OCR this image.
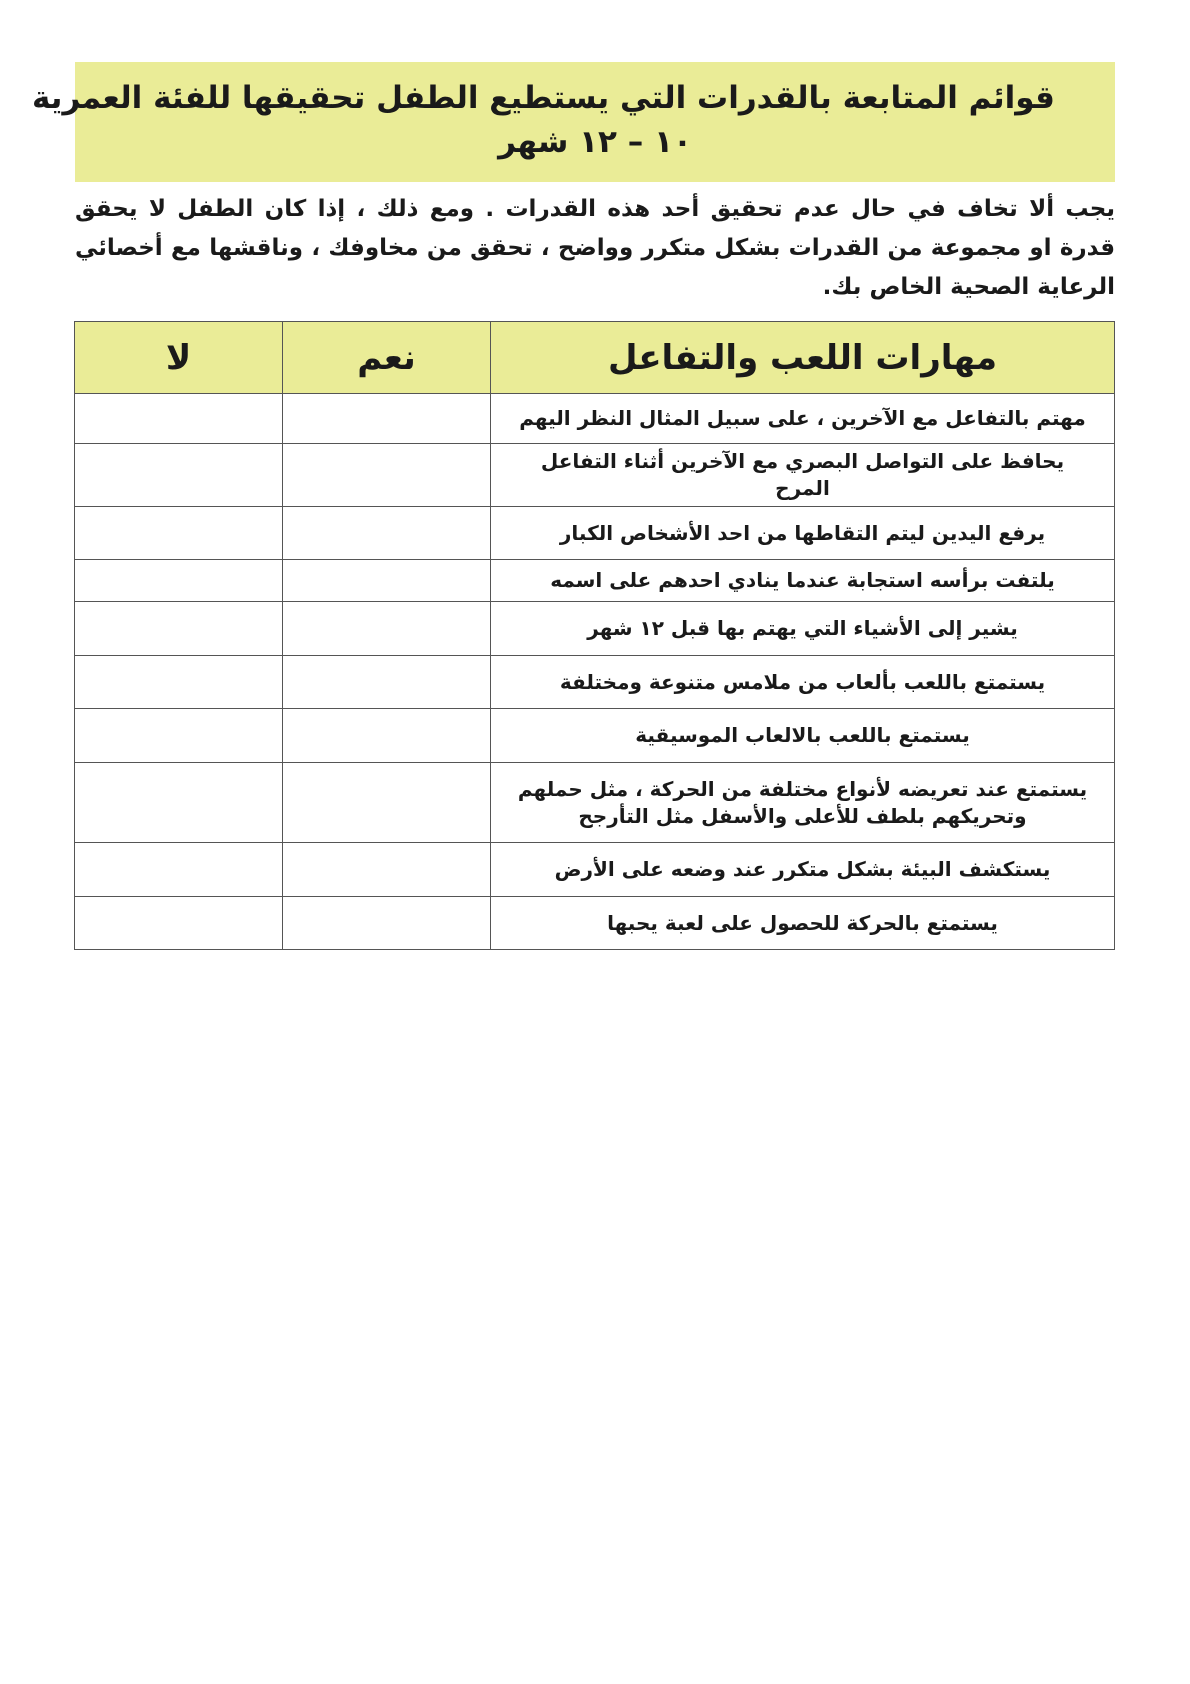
قوائم المتابعة بالقدرات التي يستطيع الطفل تحقيقها للفئة العمرية
١٠ – ١٢ شهر

يجب ألا تخاف في حال عدم تحقيق أحد هذه القدرات . ومع ذلك ، إذا كان الطفل لا يحقق قدرة او مجموعة من القدرات بشكل متكرر وواضح ، تحقق من مخاوفك ، وناقشها مع أخصائي الرعاية الصحية الخاص بك.

مهارات اللعب والتفاعل	نعم	لا
مهتم بالتفاعل مع الآخرين ، على سبيل المثال النظر اليهم		
يحافظ على التواصل البصري مع الآخرين أثناء التفاعل المرح		
يرفع اليدين ليتم التقاطها من احد الأشخاص الكبار		
يلتفت برأسه استجابة عندما ينادي احدهم على اسمه		
يشير إلى الأشياء التي يهتم بها قبل ١٢ شهر		
يستمتع باللعب بألعاب من ملامس متنوعة ومختلفة		
يستمتع باللعب بالالعاب الموسيقية		
يستمتع عند تعريضه لأنواع مختلفة من الحركة ، مثل حملهم وتحريكهم بلطف للأعلى والأسفل مثل التأرجح		
يستكشف البيئة بشكل متكرر عند وضعه على الأرض		
يستمتع بالحركة للحصول على لعبة يحبها		
